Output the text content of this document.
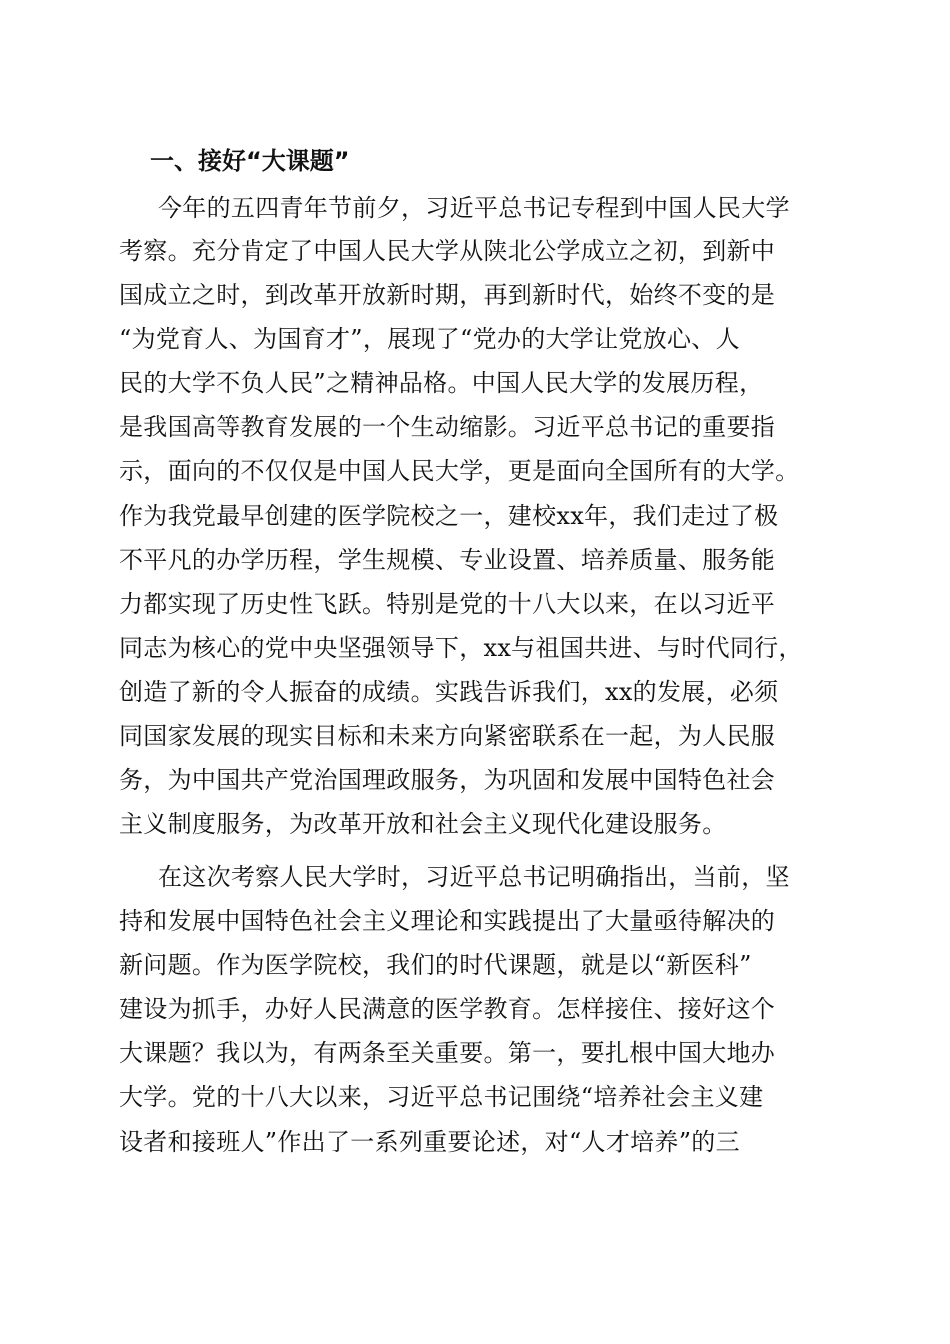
一、接好“大课题”
今年的五四青年节前夕，习近平总书记专程到中国人民大学
考察。充分肯定了中国人民大学从陕北公学成立之初，到新中
国成立之时，到改革开放新时期，再到新时代，始终不变的是
“为党育人、为国育才”，展现了“党办的大学让党放心、人
民的大学不负人民”之精神品格。中国人民大学的发展历程，
是我国高等教育发展的一个生动缩影。习近平总书记的重要指
示，面向的不仅仅是中国人民大学，更是面向全国所有的大学。
作为我党最早创建的医学院校之一，建校xx年，我们走过了极
不平凡的办学历程，学生规模、专业设置、培养质量、服务能
力都实现了历史性飞跃。特别是党的十八大以来，在以习近平
同志为核心的党中央坚强领导下，xx与祖国共进、与时代同行，
创造了新的令人振奋的成绩。实践告诉我们，xx的发展，必须
同国家发展的现实目标和未来方向紧密联系在一起，为人民服
务，为中国共产党治国理政服务，为巩固和发展中国特色社会
主义制度服务，为改革开放和社会主义现代化建设服务。
在这次考察人民大学时，习近平总书记明确指出，当前，坚
持和发展中国特色社会主义理论和实践提出了大量亟待解决的
新问题。作为医学院校，我们的时代课题，就是以“新医科”
建设为抓手，办好人民满意的医学教育。怎样接住、接好这个
大课题？我以为，有两条至关重要。第一，要扎根中国大地办
大学。党的十八大以来，习近平总书记围绕“培养社会主义建
设者和接班人”作出了一系列重要论述，对“人才培养”的三
